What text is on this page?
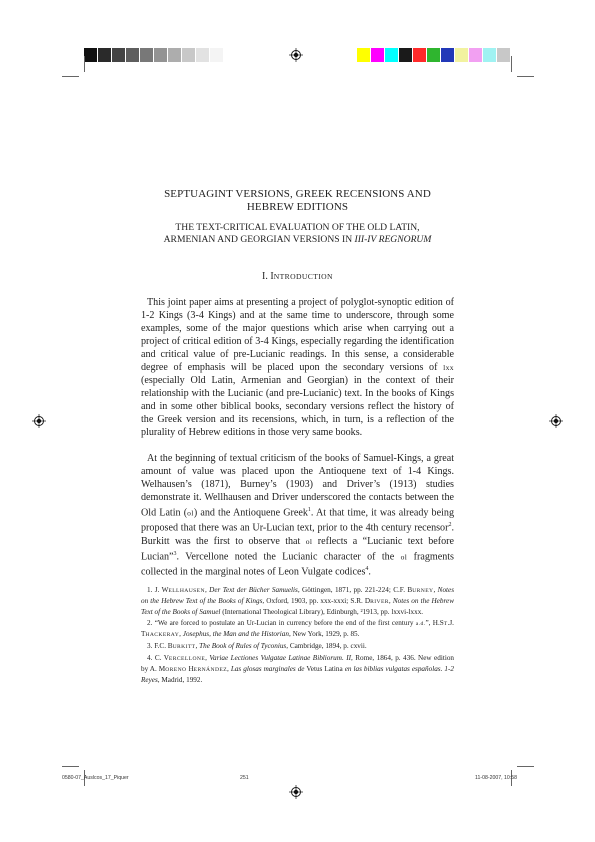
SEPTUAGINT VERSIONS, GREEK RECENSIONS AND
HEBREW EDITIONS
THE TEXT-CRITICAL EVALUATION OF THE OLD LATIN,
ARMENIAN AND GEORGIAN VERSIONS IN III-IV REGNORUM
I. INTRODUCTION
This joint paper aims at presenting a project of polyglot-synoptic edition of 1-2 Kings (3-4 Kings) and at the same time to underscore, through some examples, some of the major questions which arise when carrying out a project of critical edition of 3-4 Kings, especially regarding the identification and critical value of pre-Lucianic readings. In this sense, a considerable degree of emphasis will be placed upon the secondary versions of lxx (especially Old Latin, Armenian and Georgian) in the context of their relationship with the Lucianic (and pre-Lucianic) text. In the books of Kings and in some other biblical books, secondary versions reflect the history of the Greek version and its recensions, which, in turn, is a reflection of the plurality of Hebrew editions in those very same books.
At the beginning of textual criticism of the books of Samuel-Kings, a great amount of value was placed upon the Antioquene text of 1-4 Kings. Welhausen’s (1871), Burney’s (1903) and Driver’s (1913) studies demonstrate it. Wellhausen and Driver underscored the contacts between the Old Latin (ol) and the Antioquene Greek$^1$. At that time, it was already being proposed that there was an Ur-Lucian text, prior to the 4th century recensor$^2$. Burkitt was the first to observe that ol reflects a “Lucianic text before Lucian”$^3$. Vercellone noted the Lucianic character of the ol fragments collected in the marginal notes of Leon Vulgate codices$^4$.

1. J. WELLHAUSEN, Der Text der Bücher Samuelis, Göttingen, 1871, pp. 221-224; C.F. BURNEY, Notes on the Hebrew Text of the Books of Kings, Oxford, 1903, pp. xxx-xxxi; S.R. DRIVER, Notes on the Hebrew Text of the Books of Samuel (International Theological Library), Edinburgh, ²1913, pp. lxxvi-lxxx.

2. “We are forced to postulate an Ur-Lucian in currency before the end of the first century a.d.”, H.ST.J. THACKERAY, Josephus, the Man and the Historian, New York, 1929, p. 85.

3. F.C. BURKITT, The Book of Rules of Tyconius, Cambridge, 1894, p. cxvii.

4. C. VERCELLONE, Variae Lectiones Vulgatae Latinae Bibliorum. II, Rome, 1864, p. 436. New edition by A. MORENO HERNÁNDEZ, Las glosas marginales de Vetus Latina en las biblias vulgatas españolas. 1-2 Reyes, Madrid, 1992.

0580-07_Auslcos_17_Piquer	251	11-08-2007, 10:58
